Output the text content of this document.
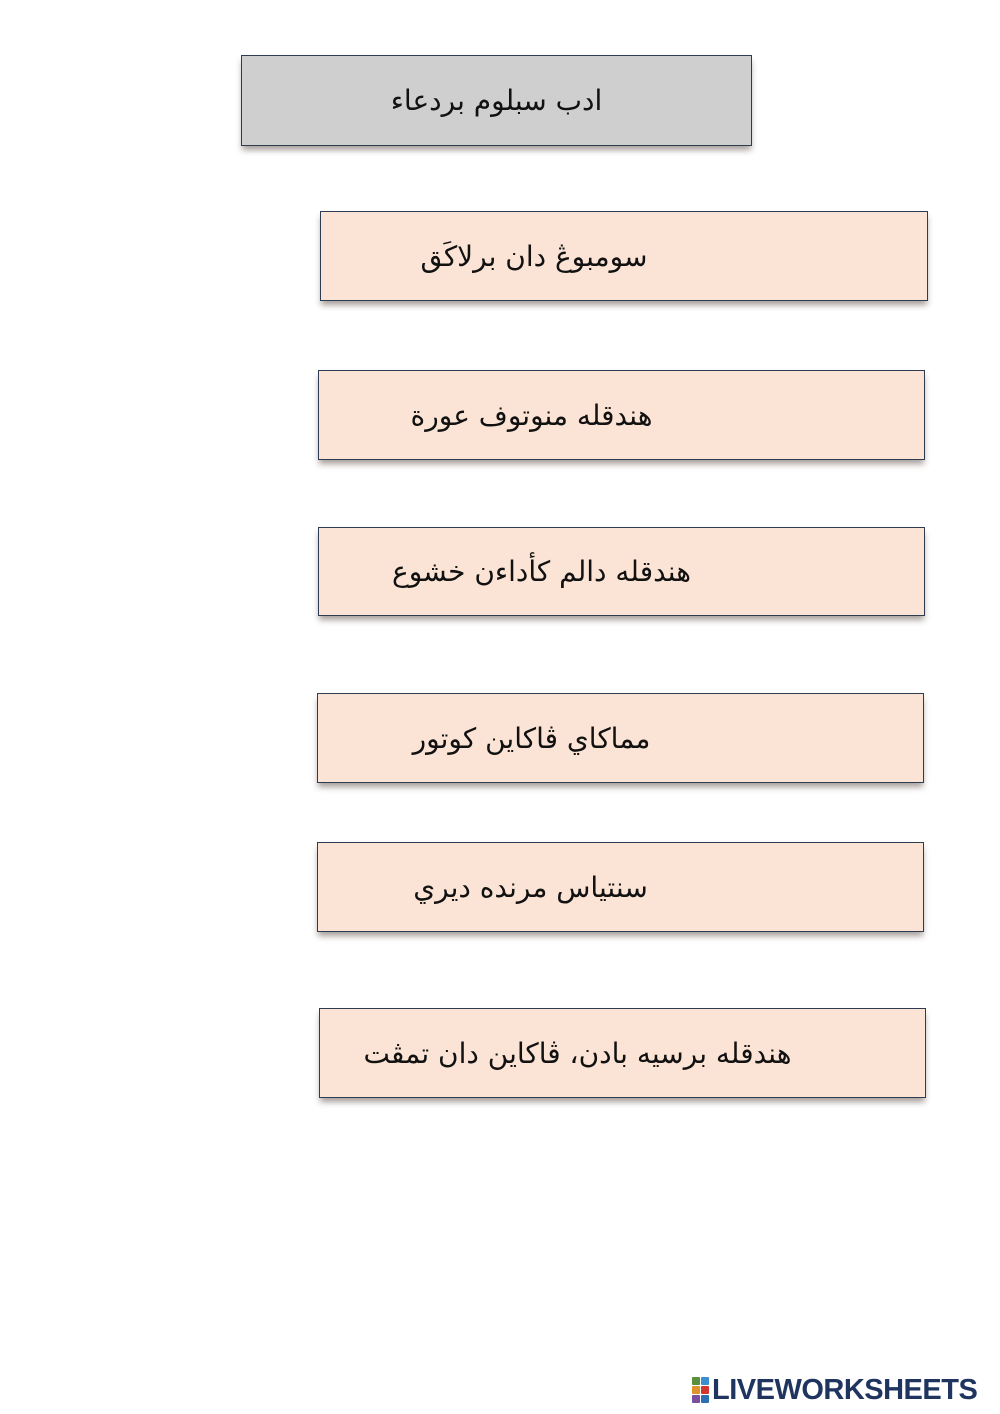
ادب سبلوم بردعاء
سومبوڠ دان برلاكَق
هندقله منوتوف عورة
هندقله دالم كأداءن خشوع
مماكاي ڤاكاين كوتور
سنتياس مرنده ديري
هندقله برسيه بادن، ڤاكاين دان تمڤت
LIVEWORKSHEETS
